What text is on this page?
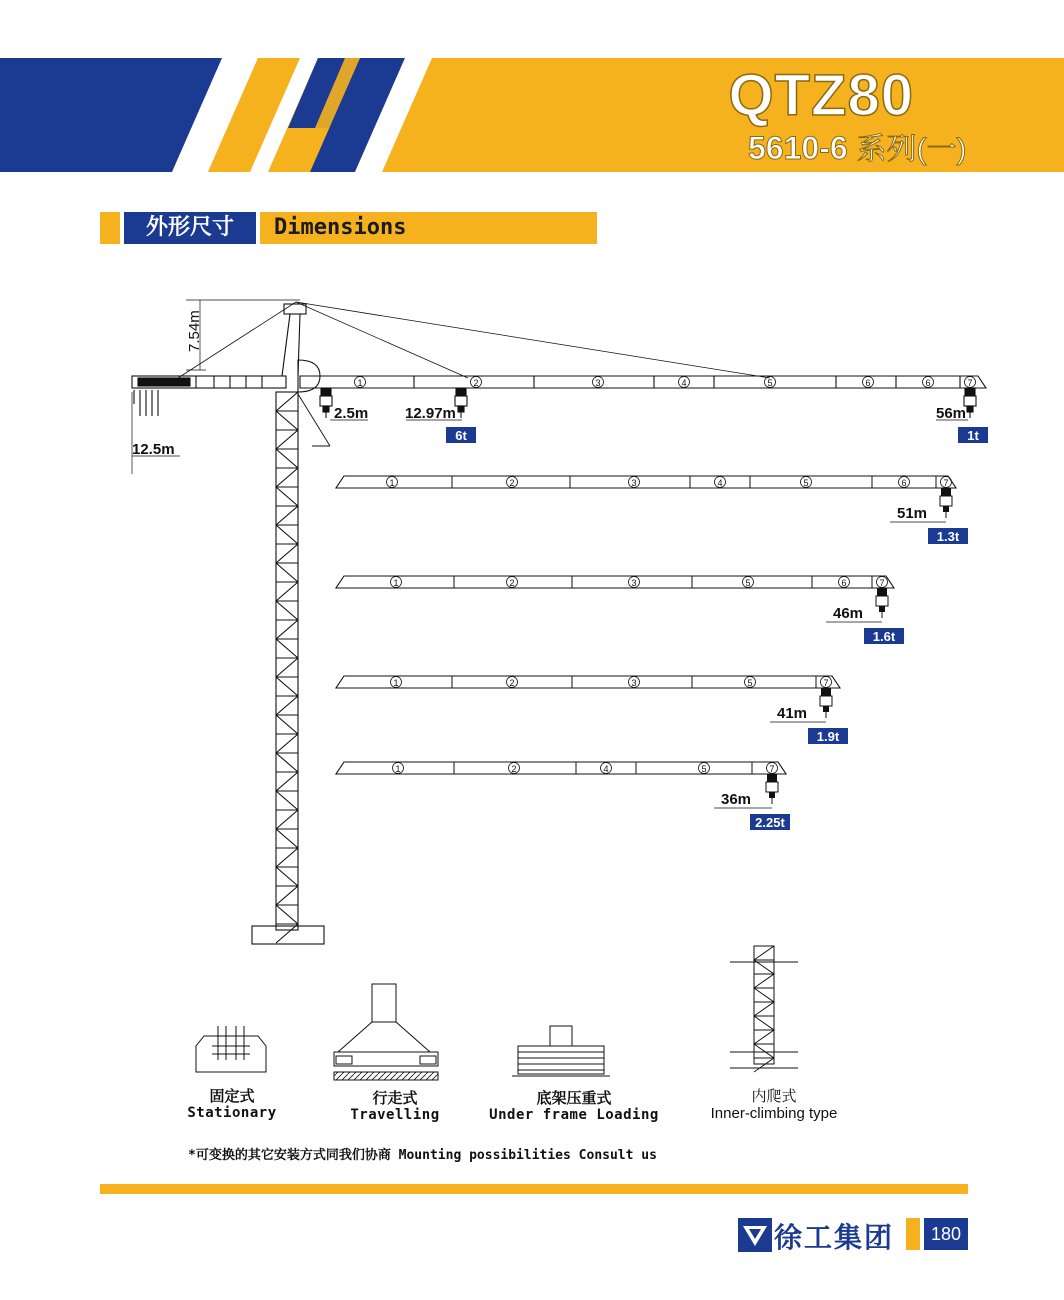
QTZ80
5610-6 系列(一)
外形尺寸	Dimensions
7.54m
12.5m
2.5m 12.97m	56m
6t	1t
1	2	3	4	5	6	6	7
1	2	3	4	5	6	7
51m
1.3t
1	2	3	5	6	7
46m
1.6t
1	2	3	5	7
41m
1.9t
1	2	4	5	7
36m
2.25t
固定式
Stationary
行走式
Travelling
底架压重式
Under frame Loading
内爬式
Inner-climbing type
*可变换的其它安装方式同我们协商 Mounting possibilities Consult us
徐工集团	180
